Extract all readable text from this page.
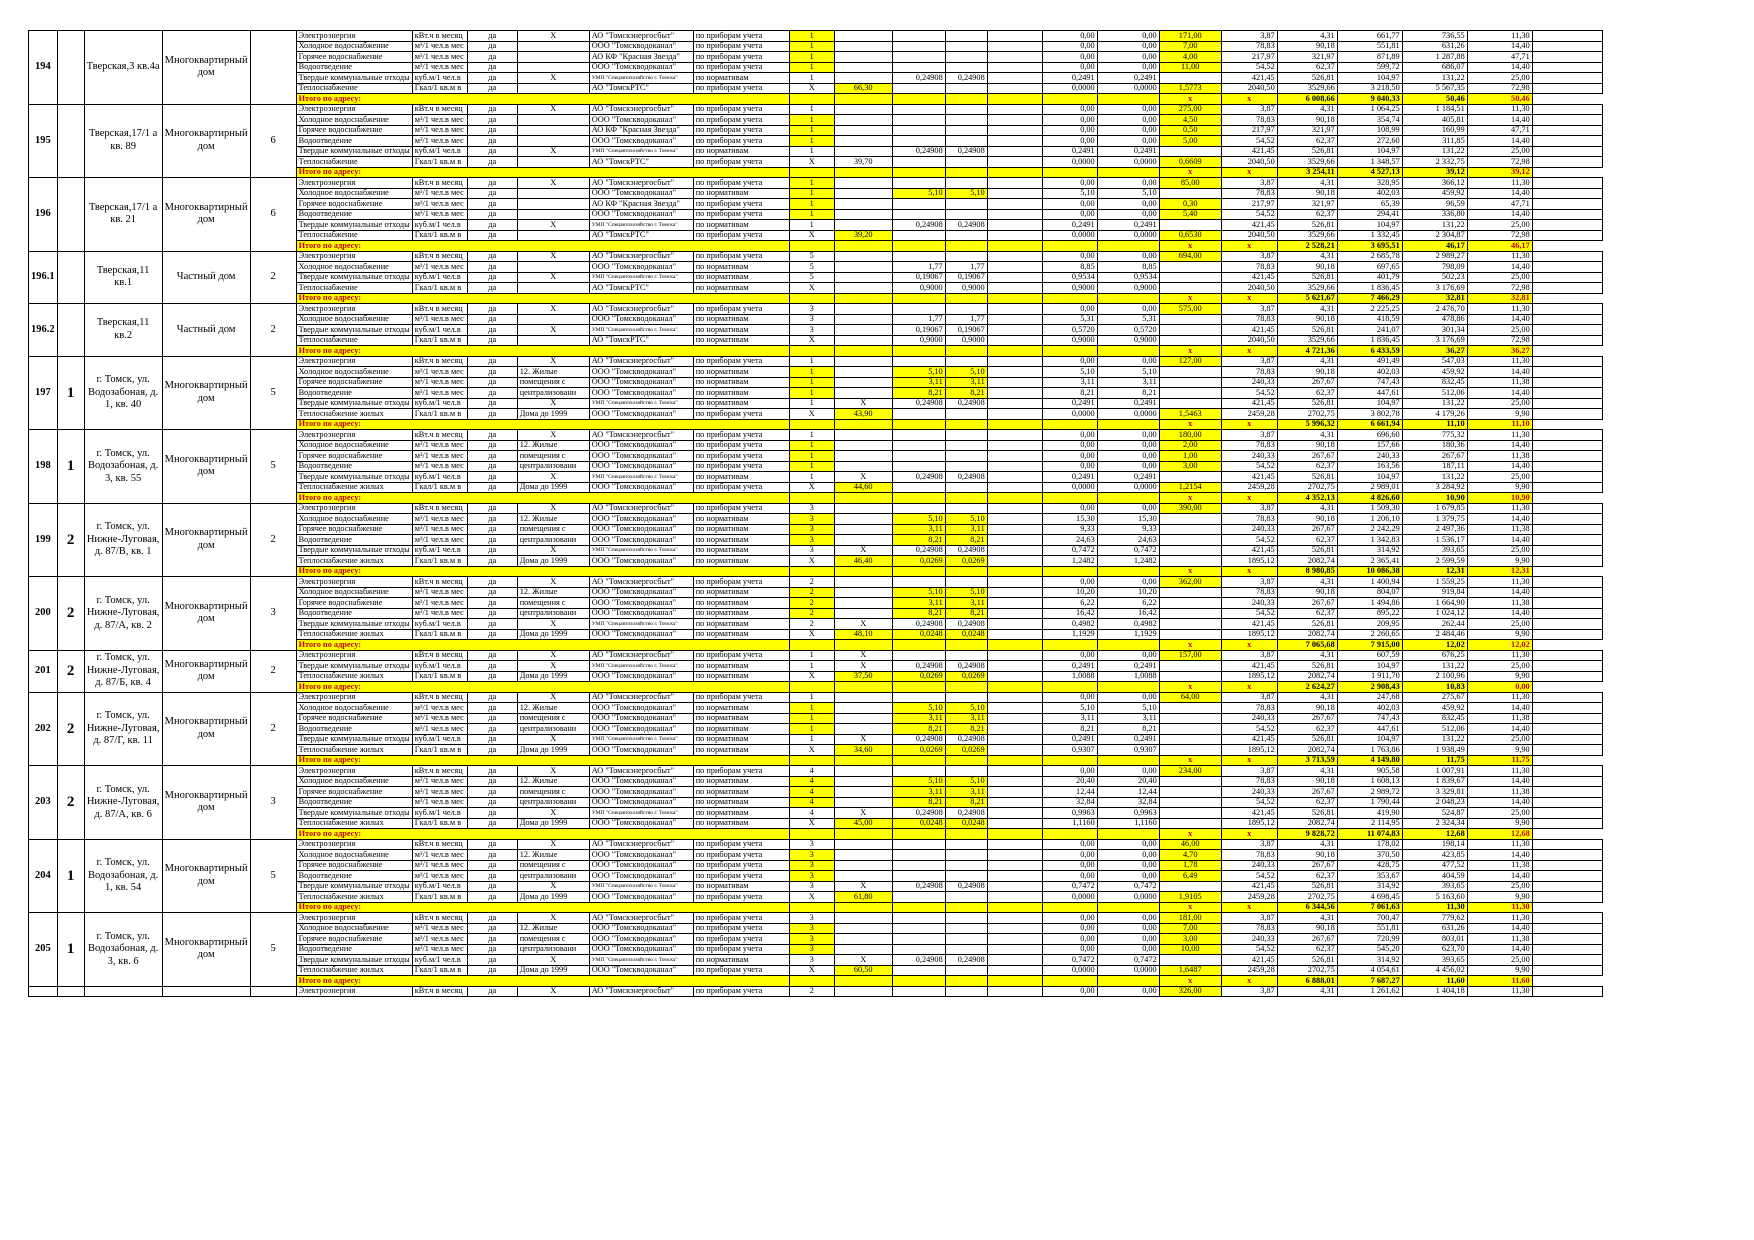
194		Тверская,3 кв.4а	Многоквартирный дом		Электроэнергия	кВт.ч в месяц	да	X	АО "Томскэнергосбыт"	по приборам учета	1					0,00	0,00	171,00	3,87	4,31	661,77	736,55	11,30	
					Холодное водоснабжение	м³/1 чел.в мес	да		ООО "Томскводоканал"	по приборам учета	1					0,00	0,00	7,00	78,83	90,18	551,81	631,26	14,40	
					Горячее водоснабжение	м³/1 чел.в мес	да		АО КФ "Красная Звезда"	по приборам учета	1					0,00	0,00	4,00	217,97	321,97	871,89	1 287,88	47,71	
					Водоотведение	м³/1 чел.в мес	да		ООО "Томскводоканал"	по приборам учета	1					0,00	0,00	11,00	54,52	62,37	599,72	686,07	14,40	
					Твердые коммунальные отходы	куб.м/1 чел.в	да	X	УМП "Спецавтохозяйство г. Томска"	по нормативам	1		0,24908	0,24908		0,2491	0,2491		421,45	526,81	104,97	131,22	25,00	
					Теплоснабжение	Гкал/1 кв.м в	да		АО "ТомскРТС"	по приборам учета	X	66,30				0,0000	0,0000	1,5773	2040,50	3529,66	3 218,50	5 567,35	72,98	
					Итого по адресу:													x	x	6 008,66	9 040,33	50,46	50,46	
195		Тверская,17/1 а кв. 89	Многоквартирный дом	6	Электроэнергия	кВт.ч в месяц	да	X	АО "Томскэнергосбыт"	по приборам учета	1					0,00	0,00	275,00	3,87	4,31	1 064,25	1 184,51	11,30	
					Холодное водоснабжение	м³/1 чел.в мес	да		ООО "Томскводоканал"	по приборам учета	1					0,00	0,00	4,50	78,83	90,18	354,74	405,81	14,40	
					Горячее водоснабжение	м³/1 чел.в мес	да		АО КФ "Красная Звезда"	по приборам учета	1					0,00	0,00	0,50	217,97	321,97	108,99	160,99	47,71	
					Водоотведение	м³/1 чел.в мес	да		ООО "Томскводоканал"	по приборам учета	1					0,00	0,00	5,00	54,52	62,37	272,60	311,85	14,40	
					Твердые коммунальные отходы	куб.м/1 чел.в	да	X	УМП "Спецавтохозяйство г. Томска"	по нормативам	1		0,24908	0,24908		0,2491	0,2491		421,45	526,81	104,97	131,22	25,00	
					Теплоснабжение	Гкал/1 кв.м в	да		АО "ТомскРТС"	по приборам учета	X	39,70				0,0000	0,0000	0,6609	2040,50	3529,66	1 348,57	2 332,75	72,98	
					Итого по адресу:													x	x	3 254,11	4 527,13	39,12	39,12	
196		Тверская,17/1 а кв. 21	Многоквартирный дом	6	Электроэнергия	кВт.ч в месяц	да	X	АО "Томскэнергосбыт"	по приборам учета	1					0,00	0,00	85,00	3,87	4,31	328,95	366,12	11,30	
					Холодное водоснабжение	м³/1 чел.в мес	да		ООО "Томскводоканал"	по нормативам	1		5,10	5,10		5,10	5,10		78,83	90,18	402,03	459,92	14,40	
					Горячее водоснабжение	м³/1 чел.в мес	да		АО КФ "Красная Звезда"	по приборам учета	1					0,00	0,00	0,30	217,97	321,97	65,39	96,59	47,71	
					Водоотведение	м³/1 чел.в мес	да		ООО "Томскводоканал"	по приборам учета	1					0,00	0,00	5,40	54,52	62,37	294,41	336,80	14,40	
					Твердые коммунальные отходы	куб.м/1 чел.в	да	X	УМП "Спецавтохозяйство г. Томска"	по нормативам	1		0,24908	0,24908		0,2491	0,2491		421,45	526,81	104,97	131,22	25,00	
					Теплоснабжение	Гкал/1 кв.м в	да		АО "ТомскРТС"	по приборам учета	X	39,20				0,0000	0,0000	0,6530	2040,50	3529,66	1 332,45	2 304,87	72,98	
					Итого по адресу:													x	x	2 528,21	3 695,51	46,17	46,17	
196.1		Тверская,11 кв.1	Частный дом	2	Электроэнергия	кВт.ч в месяц	да	X	АО "Томскэнергосбыт"	по приборам учета	5					0,00	0,00	694,00	3,87	4,31	2 685,78	2 989,27	11,30	
					Холодное водоснабжение	м³/1 чел.в мес	да		ООО "Томскводоканал"	по нормативам	5		1,77	1,77		8,85	8,85		78,83	90,18	697,65	798,09	14,40	
					Твердые коммунальные отходы	куб.м/1 чел.в	да	X	УМП "Спецавтохозяйство г. Томска"	по нормативам	5		0,19067	0,19067		0,9534	0,9534		421,45	526,81	401,79	502,23	25,00	
					Теплоснабжение	Гкал/1 кв.м в	да		АО "ТомскРТС"	по нормативам	X		0,9000	0,9000		0,9000	0,9000		2040,50	3529,66	1 836,45	3 176,69	72,98	
					Итого по адресу:													x	x	5 621,67	7 466,29	32,81	32,81	
196.2		Тверская,11 кв.2	Частный дом	2	Электроэнергия	кВт.ч в месяц	да	X	АО "Томскэнергосбыт"	по приборам учета	3					0,00	0,00	575,00	3,87	4,31	2 225,25	2 476,70	11,30	
					Холодное водоснабжение	м³/1 чел.в мес	да		ООО "Томскводоканал"	по нормативам	3		1,77	1,77		5,31	5,31		78,83	90,18	418,59	478,86	14,40	
					Твердые коммунальные отходы	куб.м/1 чел.в	да	X	УМП "Спецавтохозяйство г. Томска"	по нормативам	3		0,19067	0,19067		0,5720	0,5720		421,45	526,81	241,07	301,34	25,00	
					Теплоснабжение	Гкал/1 кв.м в	да		АО "ТомскРТС"	по нормативам	X		0,9000	0,9000		0,9000	0,9000		2040,50	3529,66	1 836,45	3 176,69	72,98	
					Итого по адресу:													x	x	4 721,36	6 433,59	36,27	36,27	
197	1	г. Томск, ул. Водозабоная, д. 1, кв. 40	Многоквартирный дом	5	Электроэнергия	кВт.ч в месяц	да	X	АО "Томскэнергосбыт"	по приборам учета	1					0,00	0,00	127,00	3,87	4,31	491,49	547,03	11,30	
					Холодное водоснабжение	м³/1 чел.в мес	да	12. Жилые	ООО "Томскводоканал"	по нормативам	1		5,10	5,10		5,10	5,10		78,83	90,18	402,03	459,92	14,40	
					Горячее водоснабжение	м³/1 чел.в мес	да	помещения с	ООО "Томскводоканал"	по нормативам	1		3,11	3,11		3,11	3,11		240,33	267,67	747,43	832,45	11,38	
					Водоотведение	м³/1 чел.в мес	да	централизовани	ООО "Томскводоканал"	по нормативам	1		8,21	8,21		8,21	8,21		54,52	62,37	447,61	512,06	14,40	
					Твердые коммунальные отходы	куб.м/1 чел.в	да	X	УМП "Спецавтохозяйство г. Томска"	по нормативам	1	X	0,24908	0,24908		0,2491	0,2491		421,45	526,81	104,97	131,22	25,00	
					Теплоснабжение жилых	Гкал/1 кв.м в	да	Дома до 1999	ООО "Томскводоканал"	по приборам учета	X	43,90				0,0000	0,0000	1,5463	2459,28	2702,75	3 802,78	4 179,26	9,90	
					Итого по адресу:													x	x	5 996,32	6 661,94	11,10	11,10	
198	1	г. Томск, ул. Водозабоная, д. 3, кв. 55	Многоквартирный дом	5	Электроэнергия	кВт.ч в месяц	да	X	АО "Томскэнергосбыт"	по приборам учета	1					0,00	0,00	180,00	3,87	4,31	696,60	775,32	11,30	
					Холодное водоснабжение	м³/1 чел.в мес	да	12. Жилые	ООО "Томскводоканал"	по приборам учета	1					0,00	0,00	2,00	78,83	90,18	157,66	180,36	14,40	
					Горячее водоснабжение	м³/1 чел.в мес	да	помещения с	ООО "Томскводоканал"	по приборам учета	1					0,00	0,00	1,00	240,33	267,67	240,33	267,67	11,38	
					Водоотведение	м³/1 чел.в мес	да	централизовани	ООО "Томскводоканал"	по приборам учета	1					0,00	0,00	3,00	54,52	62,37	163,56	187,11	14,40	
					Твердые коммунальные отходы	куб.м/1 чел.в	да	X	УМП "Спецавтохозяйство г. Томска"	по нормативам	1	X	0,24908	0,24908		0,2491	0,2491		421,45	526,81	104,97	131,22	25,00	
					Теплоснабжение жилых	Гкал/1 кв.м в	да	Дома до 1999	ООО "Томскводоканал"	по приборам учета	X	44,60				0,0000	0,0000	1,2154	2459,28	2702,75	2 989,01	3 284,92	9,90	
					Итого по адресу:													x	x	4 352,13	4 826,60	10,90	10,90	
199	2	г. Томск, ул. Нижне-Луговая, д. 87/В, кв. 1	Многоквартирный дом	2	Электроэнергия	кВт.ч в месяц	да	X	АО "Томскэнергосбыт"	по приборам учета	3					0,00	0,00	390,00	3,87	4,31	1 509,30	1 679,85	11,30	
					Холодное водоснабжение	м³/1 чел.в мес	да	12. Жилые	ООО "Томскводоканал"	по нормативам	3		5,10	5,10		15,30	15,30		78,83	90,18	1 206,10	1 379,75	14,40	
					Горячее водоснабжение	м³/1 чел.в мес	да	помещения с	ООО "Томскводоканал"	по нормативам	3		3,11	3,11		9,33	9,33		240,33	267,67	2 242,29	2 497,36	11,38	
					Водоотведение	м³/1 чел.в мес	да	централизовани	ООО "Томскводоканал"	по нормативам	3		8,21	8,21		24,63	24,63		54,52	62,37	1 342,83	1 536,17	14,40	
					Твердые коммунальные отходы	куб.м/1 чел.в	да	X	УМП "Спецавтохозяйство г. Томска"	по нормативам	3	X	0,24908	0,24908		0,7472	0,7472		421,45	526,81	314,92	393,65	25,00	
					Теплоснабжение жилых	Гкал/1 кв.м в	да	Дома до 1999	ООО "Томскводоканал"	по нормативам	X	46,40	0,0269	0,0269		1,2482	1,2482		1895,12	2082,74	2 365,41	2 599,59	9,90	
					Итого по адресу:													x	x	8 980,85	10 086,38	12,31	12,31	
200	2	г. Томск, ул. Нижне-Луговая, д. 87/А, кв. 2	Многоквартирный дом	3	Электроэнергия	кВт.ч в месяц	да	X	АО "Томскэнергосбыт"	по приборам учета	2					0,00	0,00	362,00	3,87	4,31	1 400,94	1 559,25	11,30	
					Холодное водоснабжение	м³/1 чел.в мес	да	12. Жилые	ООО "Томскводоканал"	по нормативам	2		5,10	5,10		10,20	10,20		78,83	90,18	804,07	919,84	14,40	
					Горячее водоснабжение	м³/1 чел.в мес	да	помещения с	ООО "Томскводоканал"	по нормативам	2		3,11	3,11		6,22	6,22		240,33	267,67	1 494,86	1 664,90	11,38	
					Водоотведение	м³/1 чел.в мес	да	централизовани	ООО "Томскводоканал"	по нормативам	2		8,21	8,21		16,42	16,42		54,52	62,37	895,22	1 024,12	14,40	
					Твердые коммунальные отходы	куб.м/1 чел.в	да	X	УМП "Спецавтохозяйство г. Томска"	по нормативам	2	X	0,24908	0,24908		0,4982	0,4982		421,45	526,81	209,95	262,44	25,00	
					Теплоснабжение жилых	Гкал/1 кв.м в	да	Дома до 1999	ООО "Томскводоканал"	по нормативам	X	48,10	0,0248	0,0248		1,1929	1,1929		1895,12	2082,74	2 260,65	2 484,46	9,90	
					Итого по адресу:													x	x	7 065,68	7 915,00	12,02	12,02	
201	2	г. Томск, ул. Нижне-Луговая, д. 87/Б, кв. 4	Многоквартирный дом	2	Электроэнергия	кВт.ч в месяц	да	X	АО "Томскэнергосбыт"	по приборам учета	1	X				0,00	0,00	157,00	3,87	4,31	607,59	676,25	11,30	
					Твердые коммунальные отходы	куб.м/1 чел.в	да	X	УМП "Спецавтохозяйство г. Томска"	по нормативам	1	X	0,24908	0,24908		0,2491	0,2491		421,45	526,81	104,97	131,22	25,00	
					Теплоснабжение жилых	Гкал/1 кв.м в	да	Дома до 1999	ООО "Томскводоканал"	по нормативам	X	37,50	0,0269	0,0269		1,0088	1,0088		1895,12	2082,74	1 911,70	2 100,96	9,90	
					Итого по адресу:													x	x	2 624,27	2 908,43	10,83	0,00	
202	2	г. Томск, ул. Нижне-Луговая, д. 87/Г, кв. 11	Многоквартирный дом	2	Электроэнергия	кВт.ч в месяц	да	X	АО "Томскэнергосбыт"	по приборам учета	1					0,00	0,00	64,00	3,87	4,31	247,68	275,67	11,30	
					Холодное водоснабжение	м³/1 чел.в мес	да	12. Жилые	ООО "Томскводоканал"	по нормативам	1		5,10	5,10		5,10	5,10		78,83	90,18	402,03	459,92	14,40	
					Горячее водоснабжение	м³/1 чел.в мес	да	помещения с	ООО "Томскводоканал"	по нормативам	1		3,11	3,11		3,11	3,11		240,33	267,67	747,43	832,45	11,38	
					Водоотведение	м³/1 чел.в мес	да	централизовани	ООО "Томскводоканал"	по нормативам	1		8,21	8,21		8,21	8,21		54,52	62,37	447,61	512,06	14,40	
					Твердые коммунальные отходы	куб.м/1 чел.в	да	X	УМП "Спецавтохозяйство г. Томска"	по нормативам	1	X	0,24908	0,24908		0,2491	0,2491		421,45	526,81	104,97	131,22	25,00	
					Теплоснабжение жилых	Гкал/1 кв.м в	да	Дома до 1999	ООО "Томскводоканал"	по нормативам	X	34,60	0,0269	0,0269		0,9307	0,9307		1895,12	2082,74	1 763,86	1 938,49	9,90	
					Итого по адресу:													x	x	3 713,59	4 149,80	11,75	11,75	
203	2	г. Томск, ул. Нижне-Луговая, д. 87/А, кв. 6	Многоквартирный дом	3	Электроэнергия	кВт.ч в месяц	да	X	АО "Томскэнергосбыт"	по приборам учета	4					0,00	0,00	234,00	3,87	4,31	905,58	1 007,91	11,30	
					Холодное водоснабжение	м³/1 чел.в мес	да	12. Жилые	ООО "Томскводоканал"	по нормативам	4		5,10	5,10		20,40	20,40		78,83	90,18	1 608,13	1 839,67	14,40	
					Горячее водоснабжение	м³/1 чел.в мес	да	помещения с	ООО "Томскводоканал"	по нормативам	4		3,11	3,11		12,44	12,44		240,33	267,67	2 989,72	3 329,81	11,38	
					Водоотведение	м³/1 чел.в мес	да	централизовани	ООО "Томскводоканал"	по нормативам	4		8,21	8,21		32,84	32,84		54,52	62,37	1 790,44	2 048,23	14,40	
					Твердые коммунальные отходы	куб.м/1 чел.в	да	X	УМП "Спецавтохозяйство г. Томска"	по нормативам	4	X	0,24908	0,24908		0,9963	0,9963		421,45	526,81	419,90	524,87	25,00	
					Теплоснабжение жилых	Гкал/1 кв.м в	да	Дома до 1999	ООО "Томскводоканал"	по нормативам	X	45,00	0,0248	0,0248		1,1160	1,1160		1895,12	2082,74	2 114,95	2 324,34	9,90	
					Итого по адресу:													x	x	9 828,72	11 074,83	12,68	12,68	
204	1	г. Томск, ул. Водозабоная, д. 1, кв. 54	Многоквартирный дом	5	Электроэнергия	кВт.ч в месяц	да	X	АО "Томскэнергосбыт"	по приборам учета	3					0,00	0,00	46,00	3,87	4,31	178,02	198,14	11,30	
					Холодное водоснабжение	м³/1 чел.в мес	да	12. Жилые	ООО "Томскводоканал"	по приборам учета	3					0,00	0,00	4,70	78,83	90,18	370,50	423,85	14,40	
					Горячее водоснабжение	м³/1 чел.в мес	да	помещения с	ООО "Томскводоканал"	по приборам учета	3					0,00	0,00	1,78	240,33	267,67	428,75	477,52	11,38	
					Водоотведение	м³/1 чел.в мес	да	централизовани	ООО "Томскводоканал"	по приборам учета	3					0,00	0,00	6,49	54,52	62,37	353,67	404,59	14,40	
					Твердые коммунальные отходы	куб.м/1 чел.в	да	X	УМП "Спецавтохозяйство г. Томска"	по нормативам	3	X	0,24908	0,24908		0,7472	0,7472		421,45	526,81	314,92	393,65	25,00	
					Теплоснабжение жилых	Гкал/1 кв.м в	да	Дома до 1999	ООО "Томскводоканал"	по приборам учета	X	61,80				0,0000	0,0000	1,9105	2459,28	2702,75	4 698,45	5 163,60	9,90	
					Итого по адресу:													x	x	6 344,56	7 061,63	11,30	11,30	
205	1	г. Томск, ул. Водозабоная, д. 3, кв. 6	Многоквартирный дом	5	Электроэнергия	кВт.ч в месяц	да	X	АО "Томскэнергосбыт"	по приборам учета	3					0,00	0,00	181,00	3,87	4,31	700,47	779,62	11,30	
					Холодное водоснабжение	м³/1 чел.в мес	да	12. Жилые	ООО "Томскводоканал"	по приборам учета	3					0,00	0,00	7,00	78,83	90,18	551,81	631,26	14,40	
					Горячее водоснабжение	м³/1 чел.в мес	да	помещения с	ООО "Томскводоканал"	по приборам учета	3					0,00	0,00	3,00	240,33	267,67	720,99	803,01	11,38	
					Водоотведение	м³/1 чел.в мес	да	централизовани	ООО "Томскводоканал"	по приборам учета	3					0,00	0,00	10,00	54,52	62,37	545,20	623,70	14,40	
					Твердые коммунальные отходы	куб.м/1 чел.в	да	X	УМП "Спецавтохозяйство г. Томска"	по нормативам	3	X	0,24908	0,24908		0,7472	0,7472		421,45	526,81	314,92	393,65	25,00	
					Теплоснабжение жилых	Гкал/1 кв.м в	да	Дома до 1999	ООО "Томскводоканал"	по приборам учета	X	60,50				0,0000	0,0000	1,6487	2459,28	2702,75	4 054,61	4 456,02	9,90	
					Итого по адресу:													x	x	6 888,01	7 687,27	11,60	11,60	
					Электроэнергия	кВт.ч в месяц	да	X	АО "Томскэнергосбыт"	по приборам учета	2					0,00	0,00	326,00	3,87	4,31	1 261,62	1 404,18	11,30	
